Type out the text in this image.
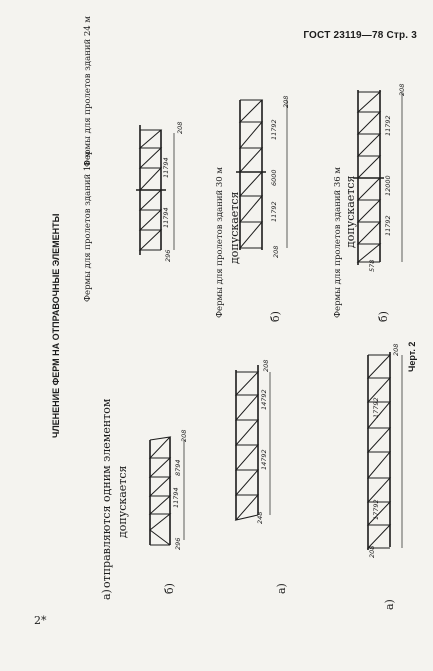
ГОСТ 23119—78 Стр. 3
ЧЛЕНЕНИЕ ФЕРМ НА ОТПРАВОЧНЫЕ ЭЛЕМЕНТЫ	Фермы для пролетов зданий 18 м
Фермы для пролетов зданий 24 м
Фермы для пролетов зданий 30 м	Фермы для пролетов зданий 36 м
а)
отправляются одним элементом допускается
б)
допускается
а)
б)
допускается
а)
б)
Черт. 2
2*
296
11794
8794
208
296
11794
11794
208
248
14792
14792
208
208
11792
6000
11792
208
208
17792
17792
208
578
11792
12000
11792
208
